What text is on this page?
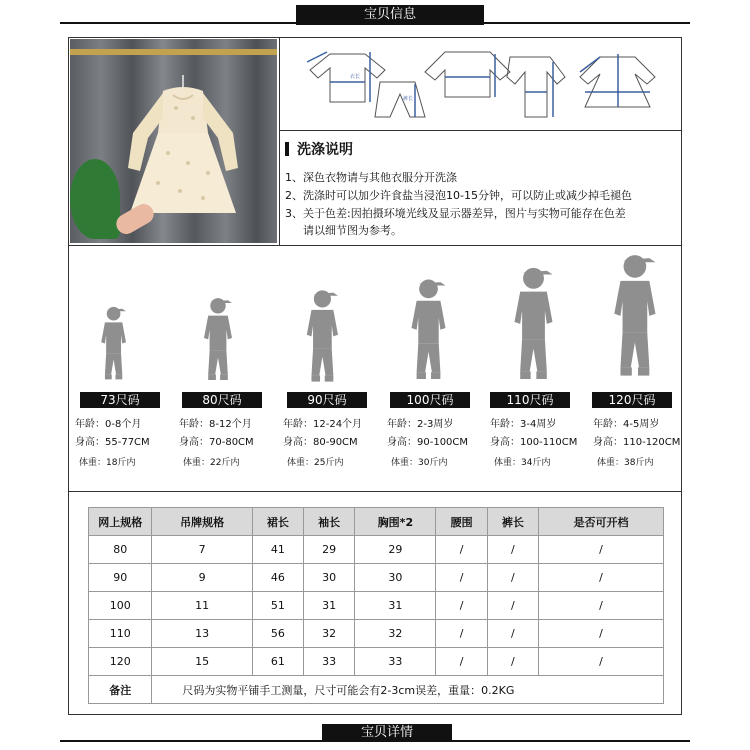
宝贝信息
衣长
裤长
洗涤说明
1、深色衣物请与其他衣服分开洗涤
2、洗涤时可以加少许食盐当浸泡10-15分钟，可以防止或减少掉毛褪色
3、关于色差:因拍摄环境光线及显示器差异，图片与实物可能存在色差
请以细节图为参考。
73尺码
年龄：0-8个月
身高：55-77CM
体重：18斤内
80尺码
年龄：8-12个月
身高：70-80CM
体重：22斤内
90尺码
年龄：12-24个月
身高：80-90CM
体重：25斤内
100尺码
年龄：2-3周岁
身高：90-100CM
体重：30斤内
110尺码
年龄：3-4周岁
身高：100-110CM
体重：34斤内
120尺码
年龄：4-5周岁
身高：110-120CM
体重：38斤内
网上规格	吊牌规格	裙长	袖长	胸围*2	腰围	裤长	是否可开档
80	7	41	29	29	/	/	/
90	9	46	30	30	/	/	/
100	11	51	31	31	/	/	/
110	13	56	32	32	/	/	/
120	15	61	33	33	/	/	/
备注	尺码为实物平铺手工测量，尺寸可能会有2-3cm误差，重量：0.2KG						
宝贝详情
